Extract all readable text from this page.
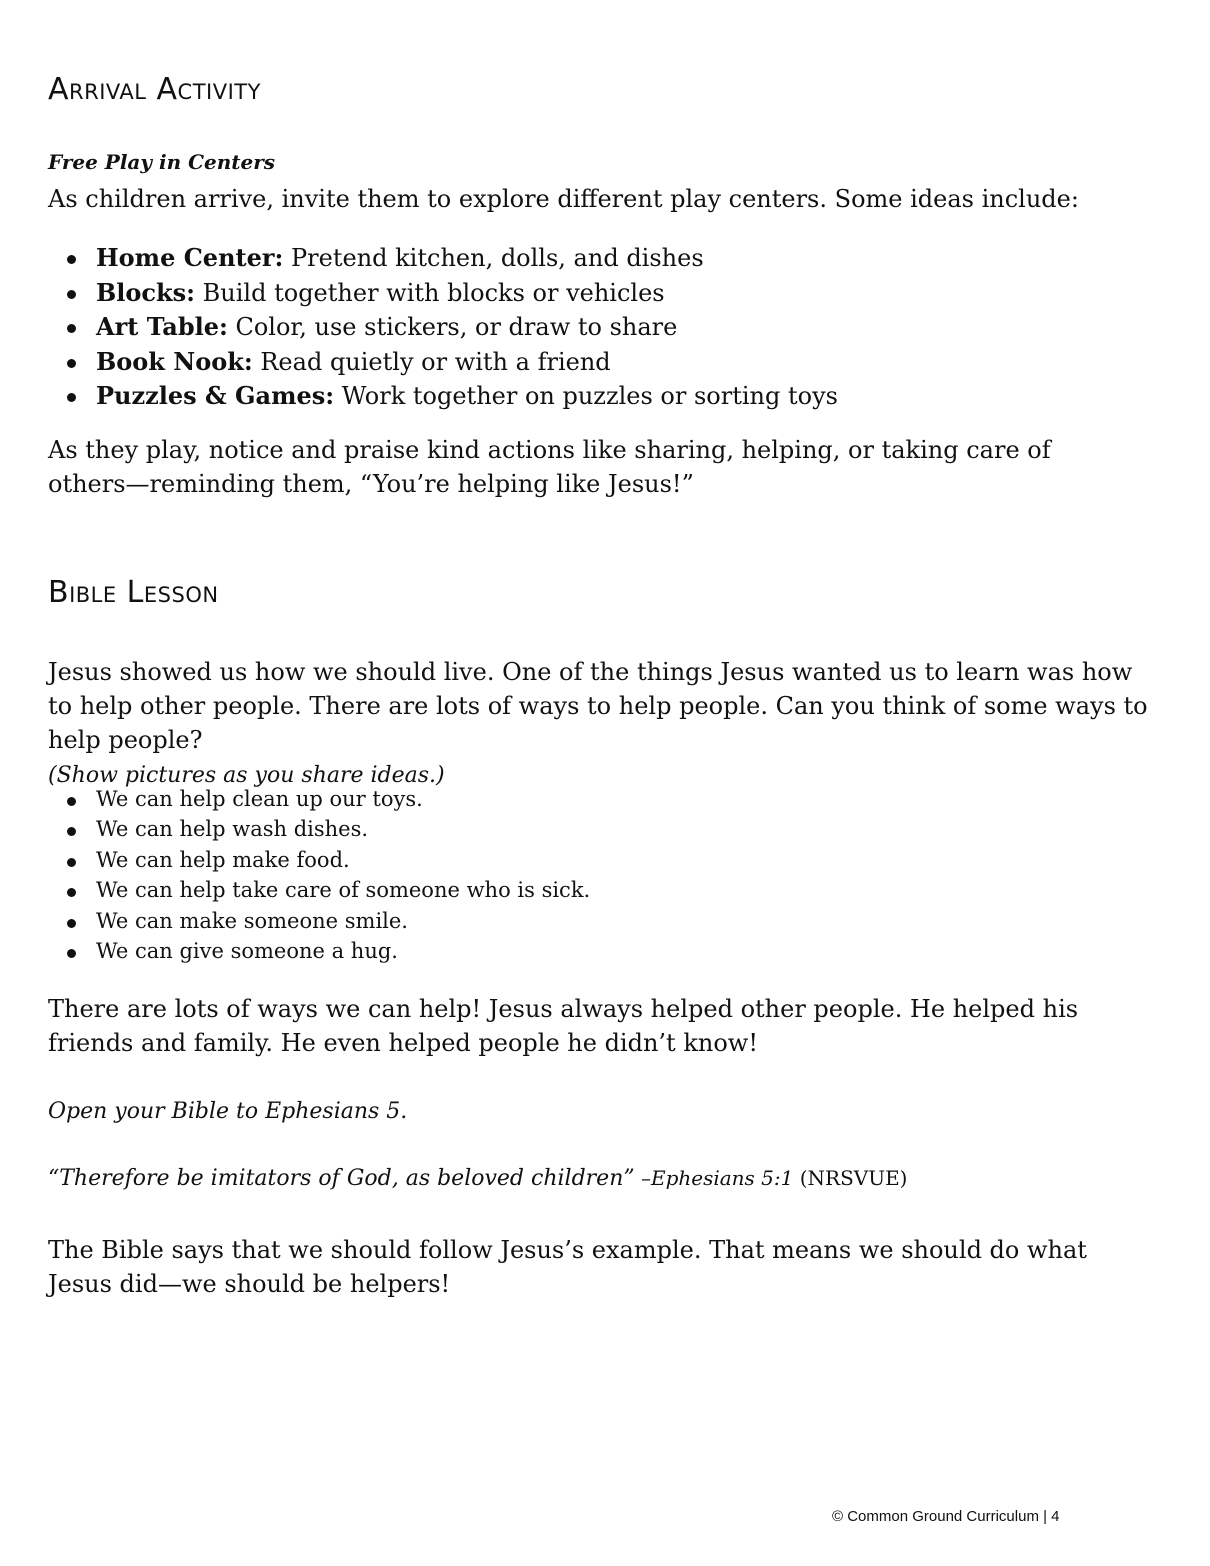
Arrival Activity
Free Play in Centers

As children arrive, invite them to explore different play centers. Some ideas include:

Home Center: Pretend kitchen, dolls, and dishes
Blocks: Build together with blocks or vehicles
Art Table: Color, use stickers, or draw to share
Book Nook: Read quietly or with a friend
Puzzles & Games: Work together on puzzles or sorting toys

As they play, notice and praise kind actions like sharing, helping, or taking care of others—reminding them, “You’re helping like Jesus!”

Bible Lesson

Jesus showed us how we should live. One of the things Jesus wanted us to learn was how to help other people. There are lots of ways to help people. Can you think of some ways to help people?
(Show pictures as you share ideas.)

We can help clean up our toys.
We can help wash dishes.
We can help make food.
We can help take care of someone who is sick.
We can make someone smile.
We can give someone a hug.

There are lots of ways we can help! Jesus always helped other people. He helped his friends and family. He even helped people he didn’t know!

Open your Bible to Ephesians 5.
“Therefore be imitators of God, as beloved children” –Ephesians 5:1 (NRSVUE)

The Bible says that we should follow Jesus’s example. That means we should do what Jesus did—we should be helpers!

© Common Ground Curriculum | 4
